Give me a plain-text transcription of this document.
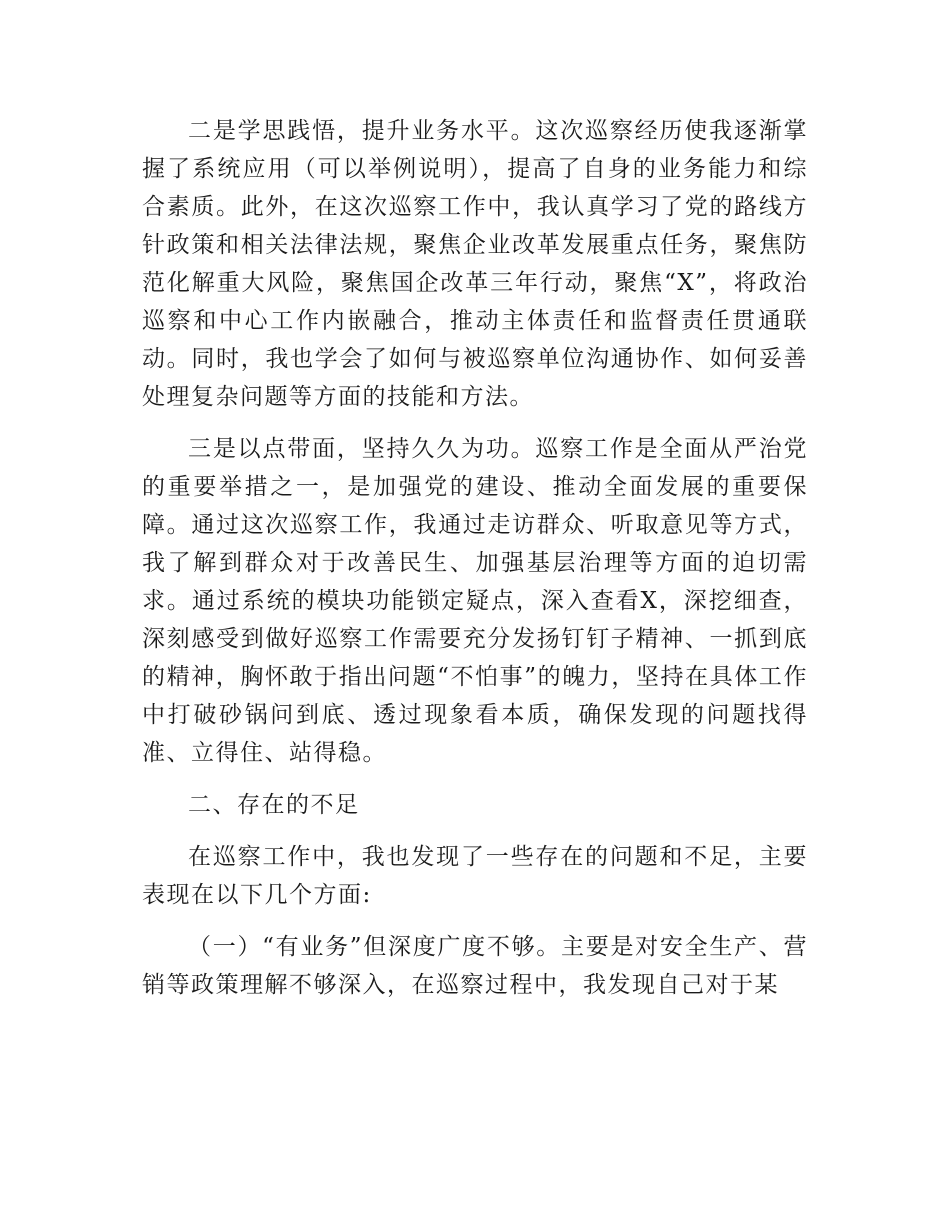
二是学思践悟，提升业务水平。这次巡察经历使我逐渐掌握了系统应用（可以举例说明），提高了自身的业务能力和综合素质。此外，在这次巡察工作中，我认真学习了党的路线方针政策和相关法律法规，聚焦企业改革发展重点任务，聚焦防范化解重大风险，聚焦国企改革三年行动，聚焦“X”，将政治巡察和中心工作内嵌融合，推动主体责任和监督责任贯通联动。同时，我也学会了如何与被巡察单位沟通协作、如何妥善处理复杂问题等方面的技能和方法。

三是以点带面，坚持久久为功。巡察工作是全面从严治党的重要举措之一，是加强党的建设、推动全面发展的重要保障。通过这次巡察工作，我通过走访群众、听取意见等方式，我了解到群众对于改善民生、加强基层治理等方面的迫切需求。通过系统的模块功能锁定疑点，深入查看X，深挖细查，深刻感受到做好巡察工作需要充分发扬钉钉子精神、一抓到底的精神，胸怀敢于指出问题“不怕事”的魄力，坚持在具体工作中打破砂锅问到底、透过现象看本质，确保发现的问题找得准、立得住、站得稳。

二、存在的不足

在巡察工作中，我也发现了一些存在的问题和不足，主要表现在以下几个方面:

（一）“有业务”但深度广度不够。主要是对安全生产、营销等政策理解不够深入，在巡察过程中，我发现自己对于某
